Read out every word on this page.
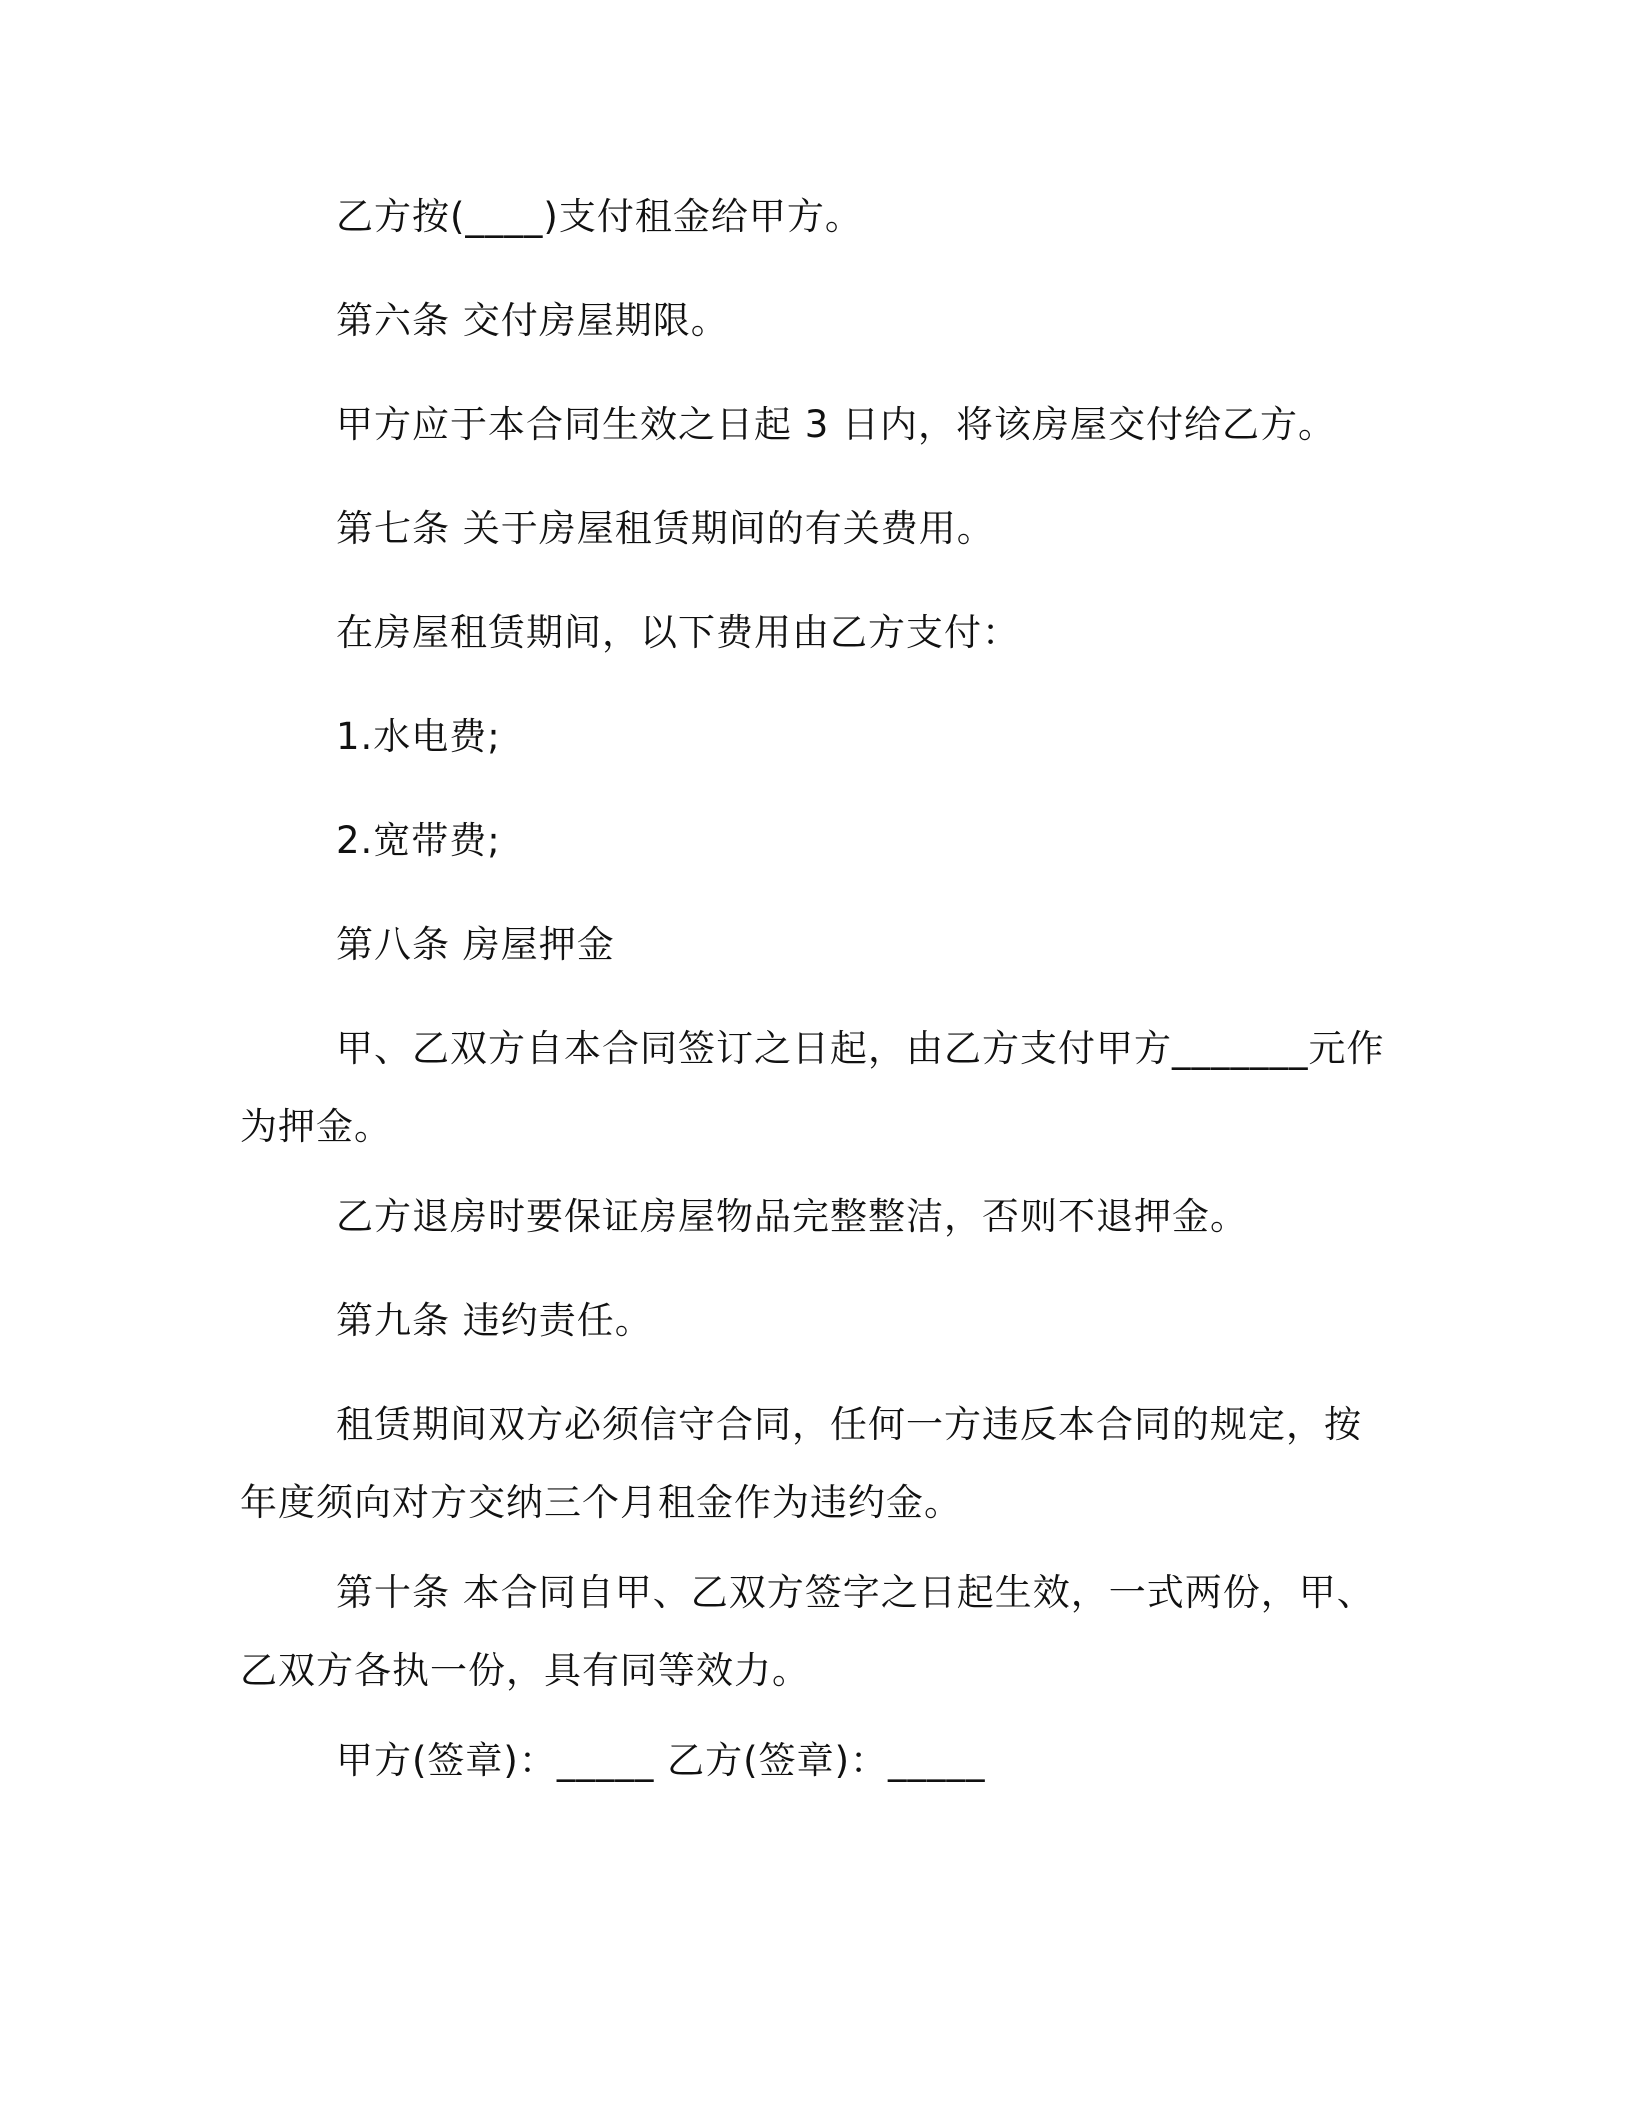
乙方按(____)支付租金给甲方。

第六条 交付房屋期限。

甲方应于本合同生效之日起 3 日内，将该房屋交付给乙方。

第七条 关于房屋租赁期间的有关费用。

在房屋租赁期间，以下费用由乙方支付：

1.水电费;

2.宽带费;

第八条 房屋押金

甲、乙双方自本合同签订之日起，由乙方支付甲方_______元作为押金。

乙方退房时要保证房屋物品完整整洁，否则不退押金。

第九条 违约责任。

租赁期间双方必须信守合同，任何一方违反本合同的规定，按年度须向对方交纳三个月租金作为违约金。

第十条 本合同自甲、乙双方签字之日起生效，一式两份，甲、乙双方各执一份，具有同等效力。

甲方(签章)：_____ 乙方(签章)：_____
